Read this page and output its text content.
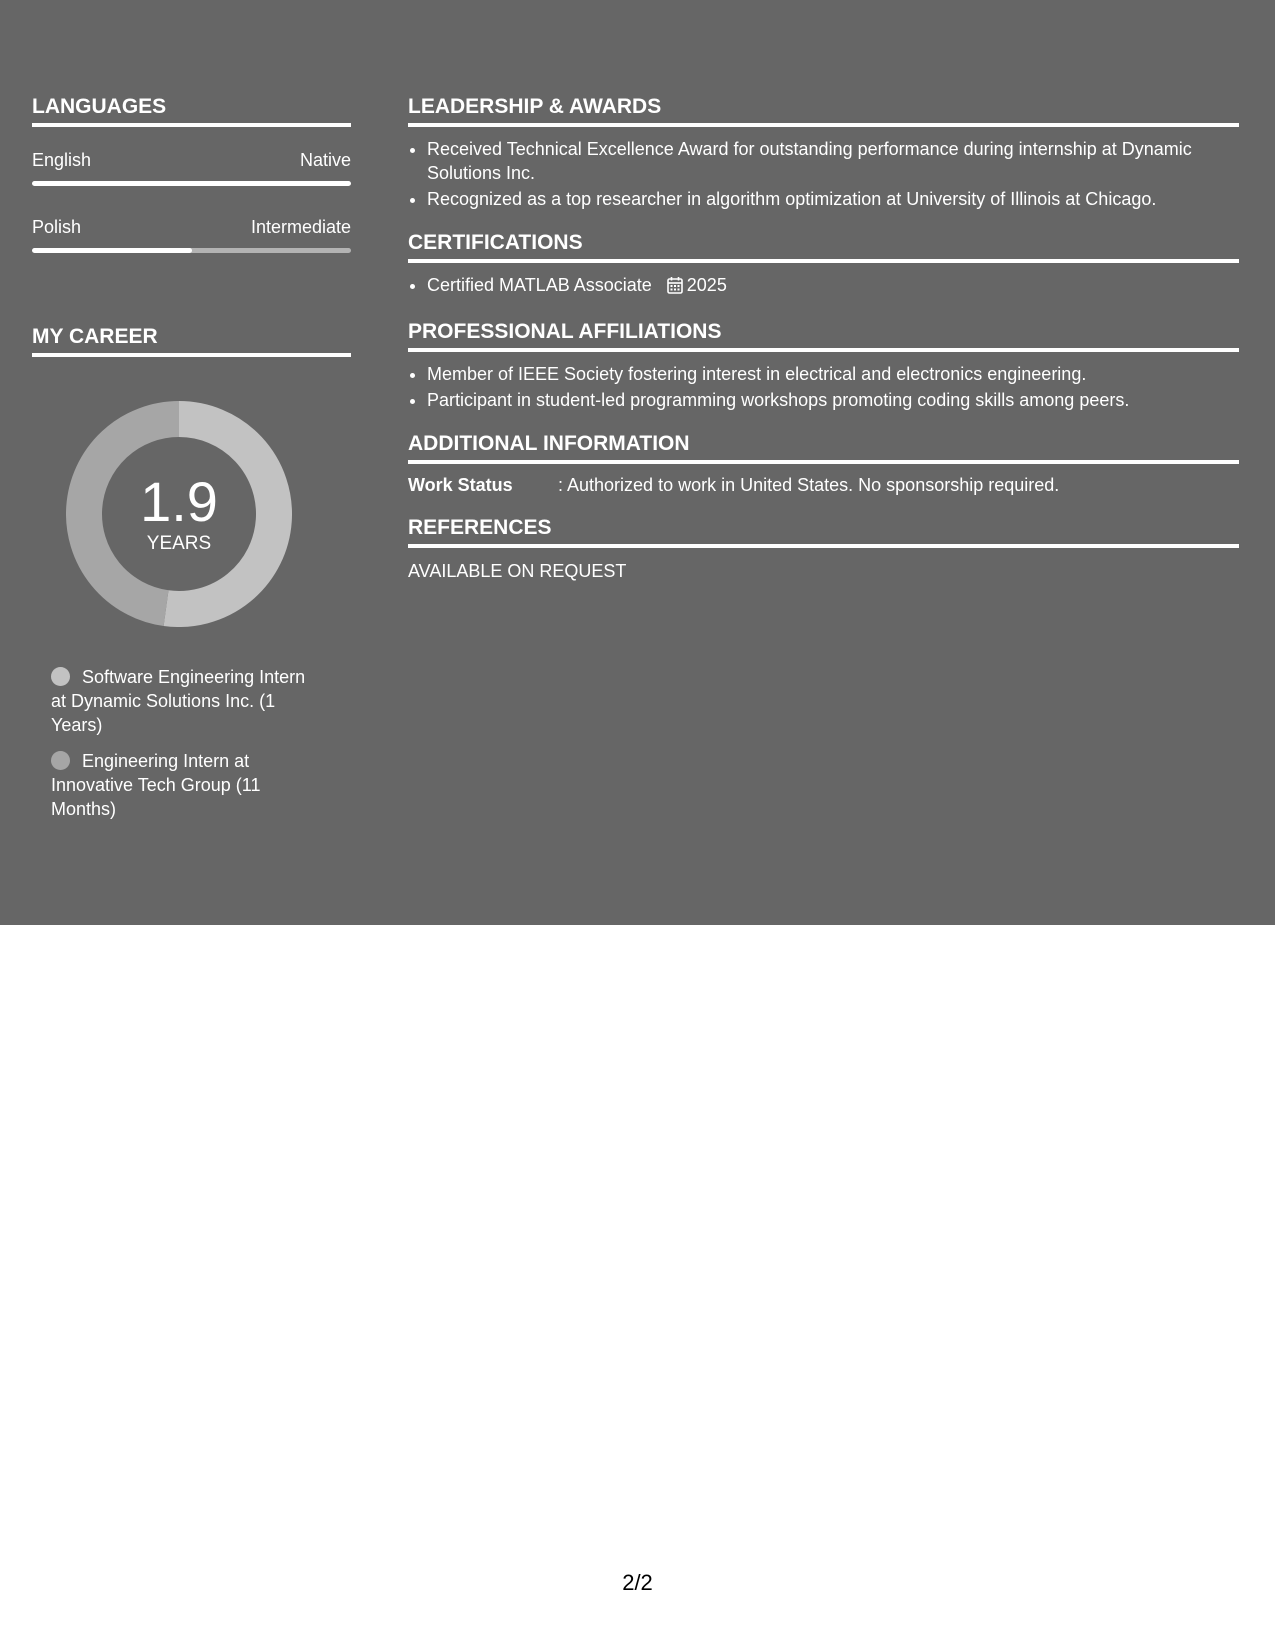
LANGUAGES
English	Native
Polish	Intermediate
MY CAREER
1.9
YEARS
Software Engineering Intern at Dynamic Solutions Inc. (1 Years)
Engineering Intern at Innovative Tech Group (11 Months)
LEADERSHIP & AWARDS
• Received Technical Excellence Award for outstanding performance during internship at Dynamic Solutions Inc.
• Recognized as a top researcher in algorithm optimization at University of Illinois at Chicago.
CERTIFICATIONS
• Certified MATLAB Associate 2025
PROFESSIONAL AFFILIATIONS
• Member of IEEE Society fostering interest in electrical and electronics engineering.
• Participant in student-led programming workshops promoting coding skills among peers.
ADDITIONAL INFORMATION
Work Status	: Authorized to work in United States. No sponsorship required.
REFERENCES
AVAILABLE ON REQUEST
2/2
